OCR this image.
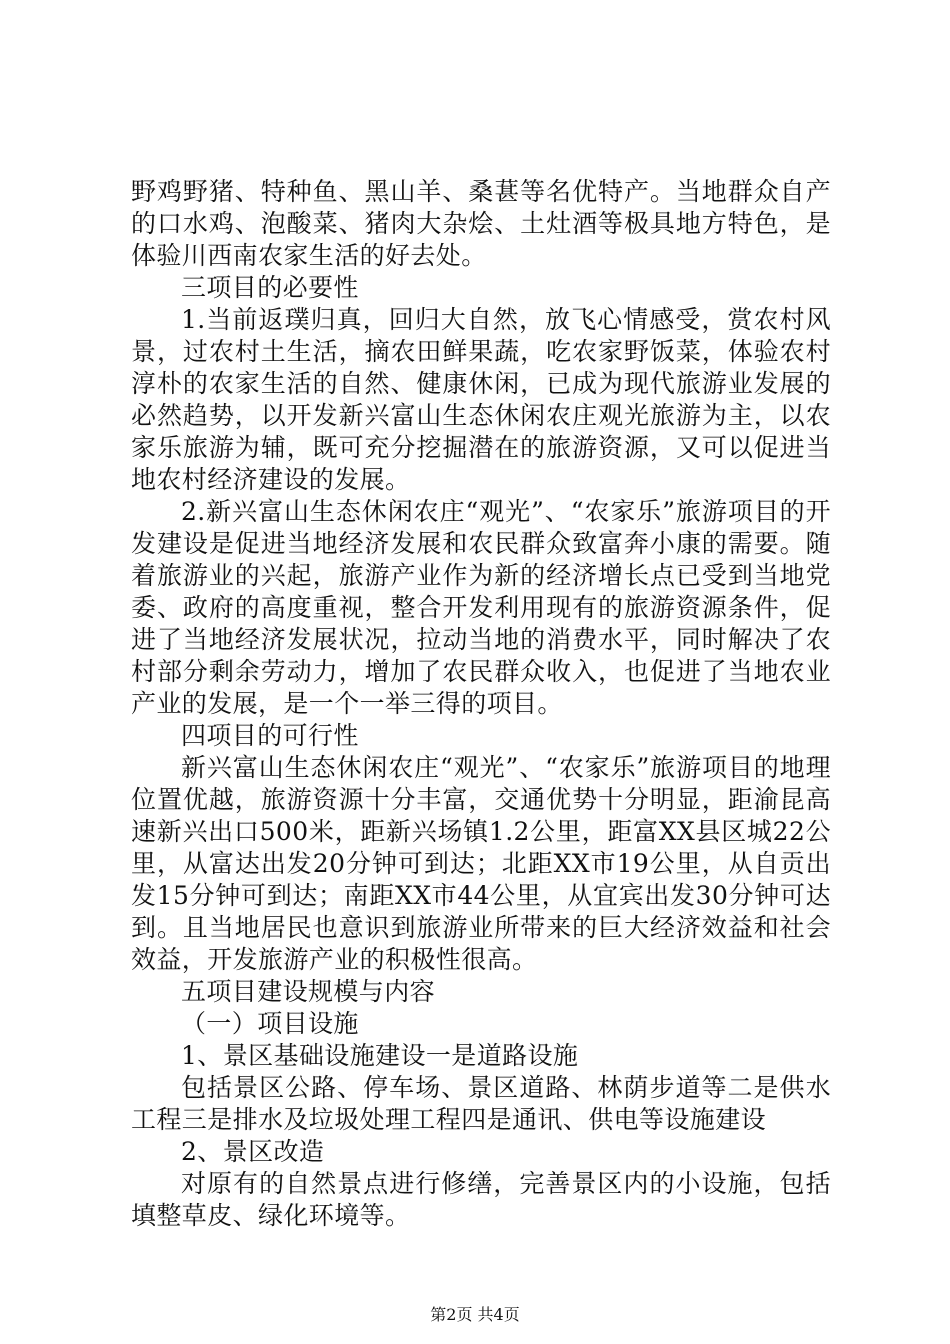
野鸡野猪、特种鱼、黑山羊、桑葚等名优特产。当地群众自产的口水鸡、泡酸菜、猪肉大杂烩、土灶酒等极具地方特色，是体验川西南农家生活的好去处。

三项目的必要性

1.当前返璞归真，回归大自然，放飞心情感受，赏农村风景，过农村土生活，摘农田鲜果蔬，吃农家野饭菜，体验农村淳朴的农家生活的自然、健康休闲，已成为现代旅游业发展的必然趋势，以开发新兴富山生态休闲农庄观光旅游为主，以农家乐旅游为辅，既可充分挖掘潜在的旅游资源，又可以促进当地农村经济建设的发展。

2.新兴富山生态休闲农庄“观光”、“农家乐”旅游项目的开发建设是促进当地经济发展和农民群众致富奔小康的需要。随着旅游业的兴起，旅游产业作为新的经济增长点已受到当地党委、政府的高度重视，整合开发利用现有的旅游资源条件，促进了当地经济发展状况，拉动当地的消费水平，同时解决了农村部分剩余劳动力，增加了农民群众收入，也促进了当地农业产业的发展，是一个一举三得的项目。

四项目的可行性

新兴富山生态休闲农庄“观光”、“农家乐”旅游项目的地理位置优越，旅游资源十分丰富，交通优势十分明显，距渝昆高速新兴出口500米，距新兴场镇1.2公里，距富XX县区城22公里，从富达出发20分钟可到达；北距XX市19公里，从自贡出发15分钟可到达；南距XX市44公里，从宜宾出发30分钟可达到。且当地居民也意识到旅游业所带来的巨大经济效益和社会效益，开发旅游产业的积极性很高。

五项目建设规模与内容

（一）项目设施

1、景区基础设施建设一是道路设施

包括景区公路、停车场、景区道路、林荫步道等二是供水工程三是排水及垃圾处理工程四是通讯、供电等设施建设

2、景区改造

对原有的自然景点进行修缮，完善景区内的小设施，包括填整草皮、绿化环境等。

第2页 共4页
